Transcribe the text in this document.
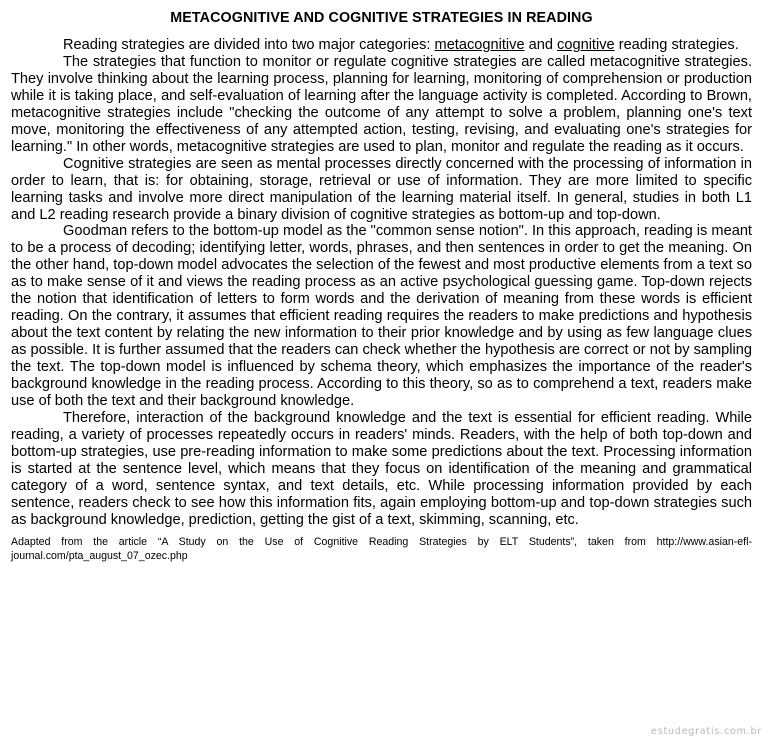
METACOGNITIVE AND COGNITIVE STRATEGIES IN READING

Reading strategies are divided into two major categories: metacognitive and cognitive reading strategies.

The strategies that function to monitor or regulate cognitive strategies are called metacognitive strategies. They involve thinking about the learning process, planning for learning, monitoring of comprehension or production while it is taking place, and self-evaluation of learning after the language activity is completed. According to Brown, metacognitive strategies include "checking the outcome of any attempt to solve a problem, planning one's text move, monitoring the effectiveness of any attempted action, testing, revising, and evaluating one's strategies for learning." In other words, metacognitive strategies are used to plan, monitor and regulate the reading as it occurs.

Cognitive strategies are seen as mental processes directly concerned with the processing of information in order to learn, that is: for obtaining, storage, retrieval or use of information. They are more limited to specific learning tasks and involve more direct manipulation of the learning material itself. In general, studies in both L1 and L2 reading research provide a binary division of cognitive strategies as bottom-up and top-down.

Goodman refers to the bottom-up model as the "common sense notion". In this approach, reading is meant to be a process of decoding; identifying letter, words, phrases, and then sentences in order to get the meaning. On the other hand, top-down model advocates the selection of the fewest and most productive elements from a text so as to make sense of it and views the reading process as an active psychological guessing game. Top-down rejects the notion that identification of letters to form words and the derivation of meaning from these words is efficient reading. On the contrary, it assumes that efficient reading requires the readers to make predictions and hypothesis about the text content by relating the new information to their prior knowledge and by using as few language clues as possible. It is further assumed that the readers can check whether the hypothesis are correct or not by sampling the text. The top-down model is influenced by schema theory, which emphasizes the importance of the reader's background knowledge in the reading process. According to this theory, so as to comprehend a text, readers make use of both the text and their background knowledge.

Therefore, interaction of the background knowledge and the text is essential for efficient reading. While reading, a variety of processes repeatedly occurs in readers' minds. Readers, with the help of both top-down and bottom-up strategies, use pre-reading information to make some predictions about the text. Processing information is started at the sentence level, which means that they focus on identification of the meaning and grammatical category of a word, sentence syntax, and text details, etc. While processing information provided by each sentence, readers check to see how this information fits, again employing bottom-up and top-down strategies such as background knowledge, prediction, getting the gist of a text, skimming, scanning, etc.

Adapted from the article “A Study on the Use of Cognitive Reading Strategies by ELT Students”, taken from http://www.asian-efl-journal.com/pta_august_07_ozec.php
estudegratis.com.br
